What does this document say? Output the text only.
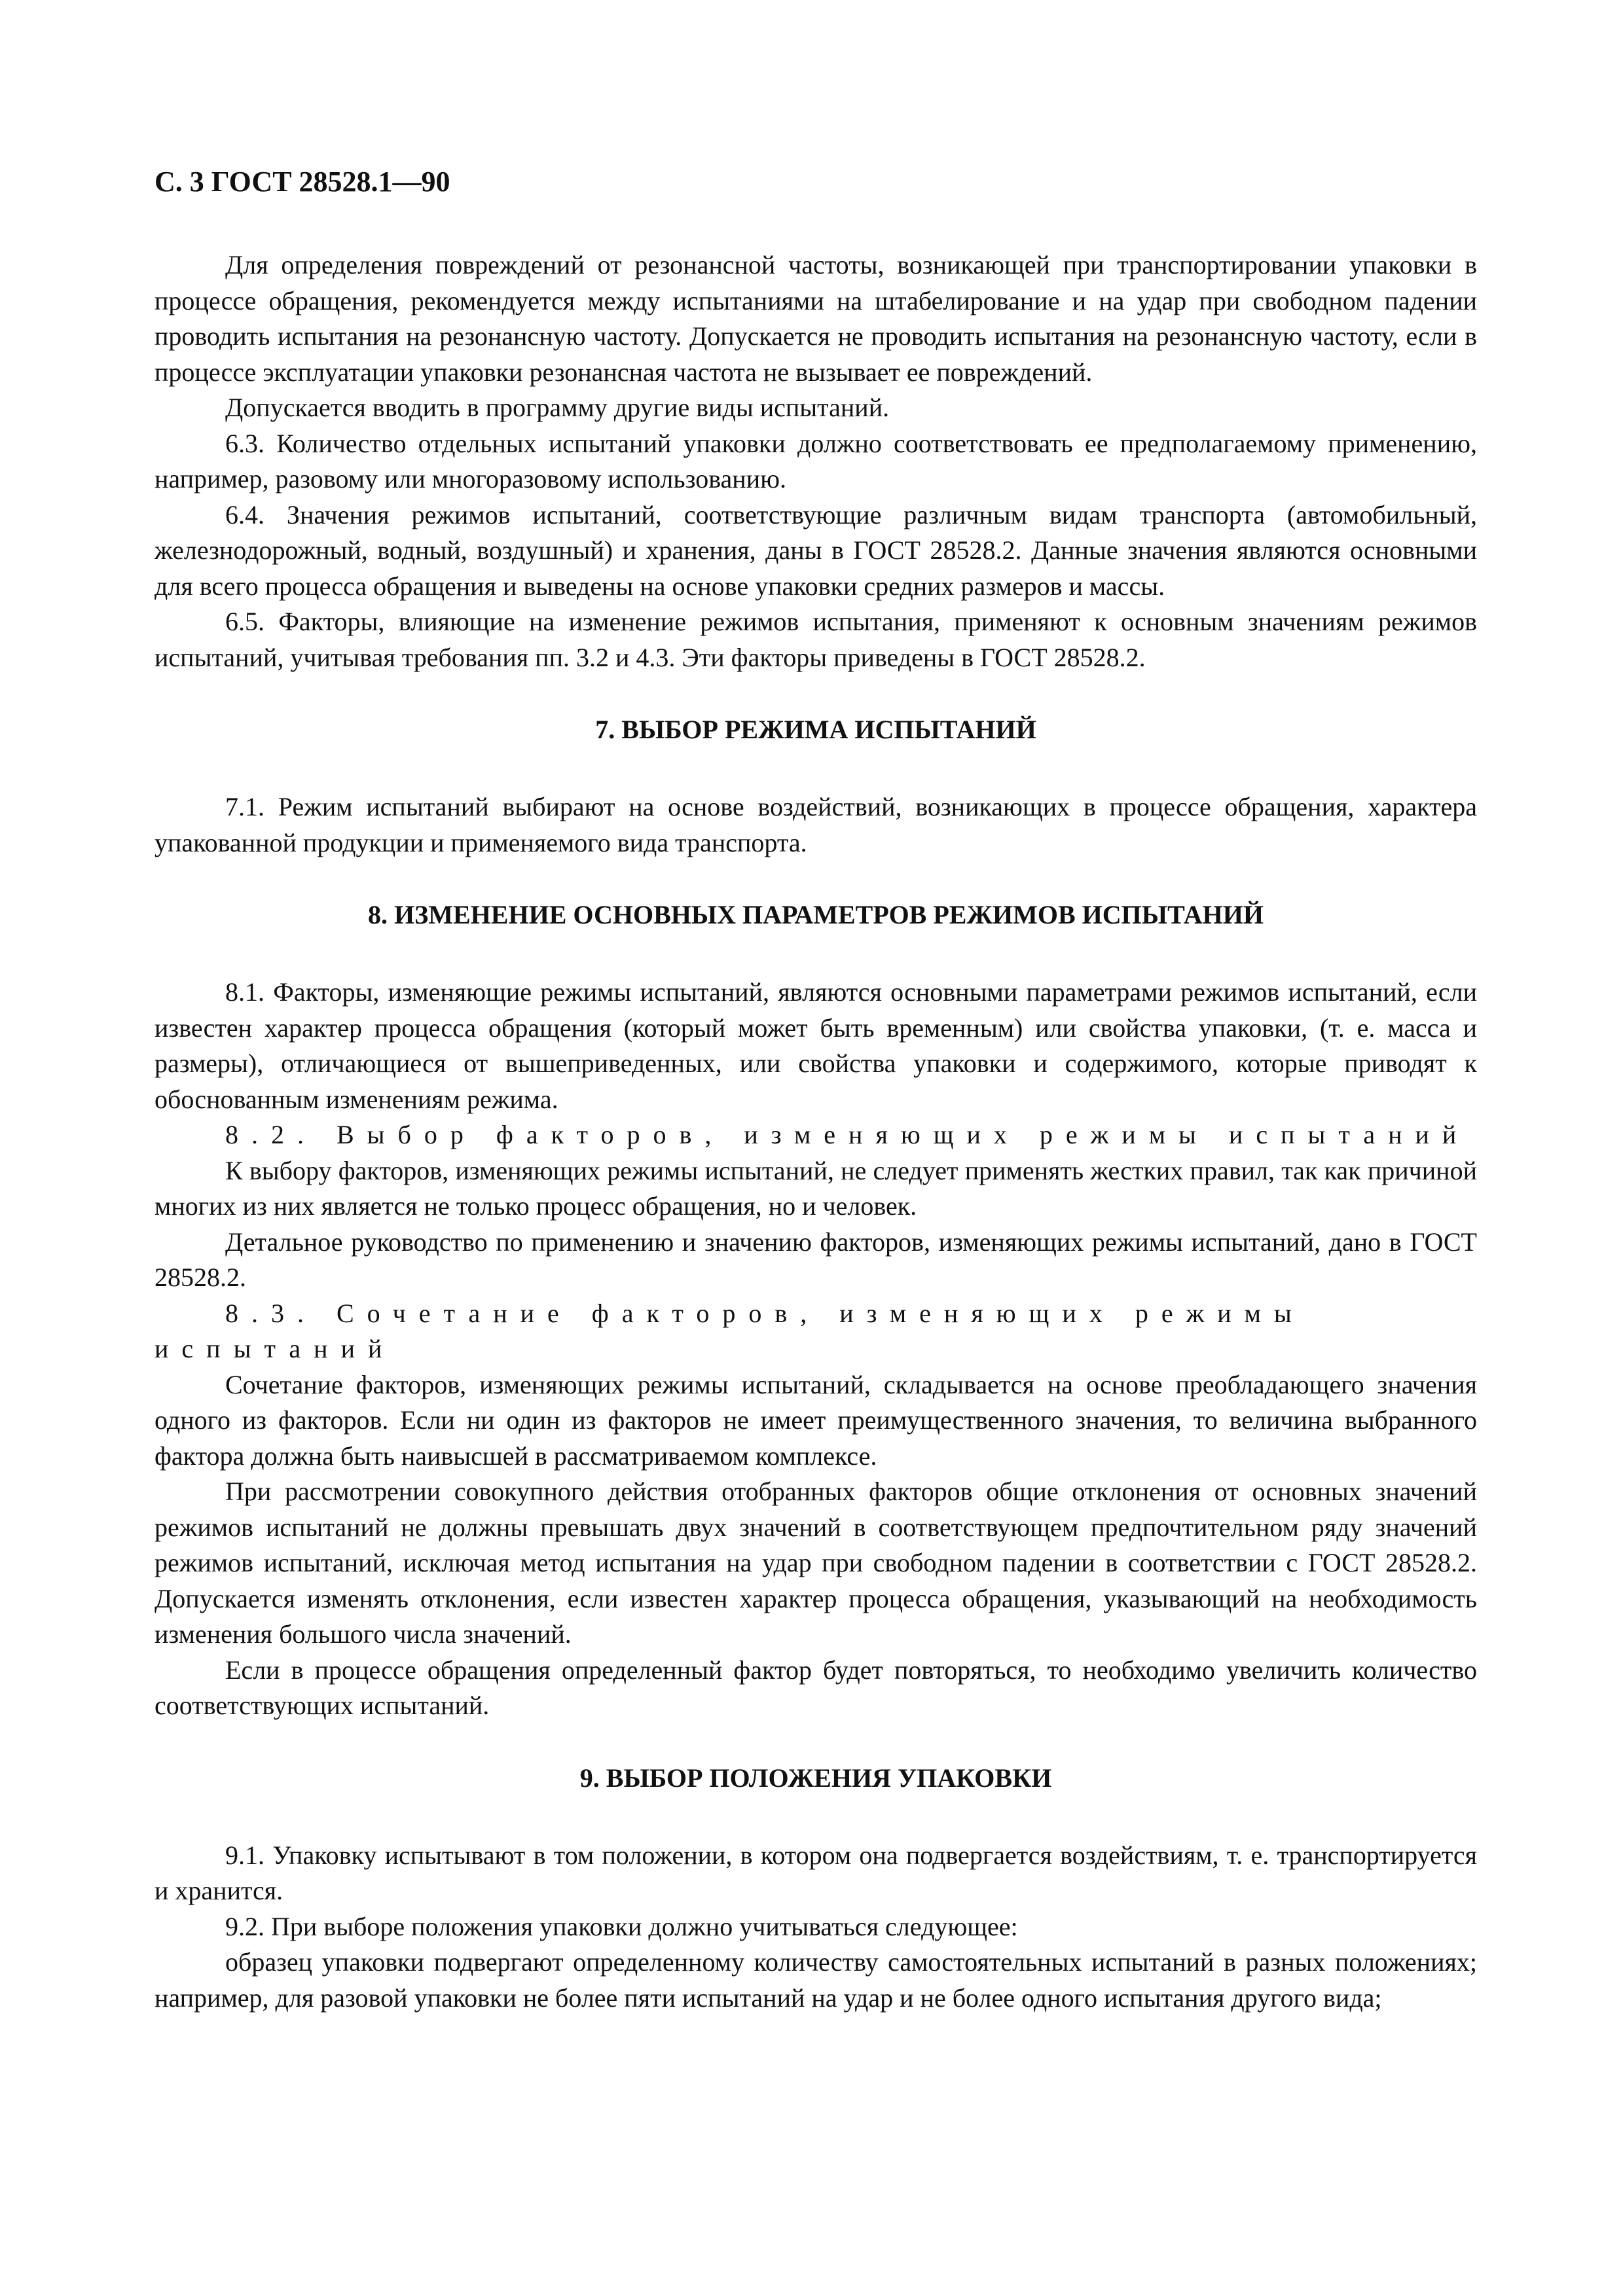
С. 3 ГОСТ 28528.1—90

Для определения повреждений от резонансной частоты, возникающей при транспортировании упаковки в процессе обращения, рекомендуется между испытаниями на штабелирование и на удар при свободном падении проводить испытания на резонансную частоту. Допускается не проводить испытания на резонансную частоту, если в процессе эксплуатации упаковки резонансная частота не вызывает ее повреждений.

Допускается вводить в программу другие виды испытаний.

6.3. Количество отдельных испытаний упаковки должно соответствовать ее предполагаемому применению, например, разовому или многоразовому использованию.

6.4. Значения режимов испытаний, соответствующие различным видам транспорта (автомобильный, железнодорожный, водный, воздушный) и хранения, даны в ГОСТ 28528.2. Данные значения являются основными для всего процесса обращения и выведены на основе упаковки средних размеров и массы.

6.5. Факторы, влияющие на изменение режимов испытания, применяют к основным значениям режимов испытаний, учитывая требования пп. 3.2 и 4.3. Эти факторы приведены в ГОСТ 28528.2.

7. ВЫБОР РЕЖИМА ИСПЫТАНИЙ

7.1. Режим испытаний выбирают на основе воздействий, возникающих в процессе обращения, характера упакованной продукции и применяемого вида транспорта.

8. ИЗМЕНЕНИЕ ОСНОВНЫХ ПАРАМЕТРОВ РЕЖИМОВ ИСПЫТАНИЙ

8.1. Факторы, изменяющие режимы испытаний, являются основными параметрами режимов испытаний, если известен характер процесса обращения (который может быть временным) или свойства упаковки, (т. е. масса и размеры), отличающиеся от вышеприведенных, или свойства упаковки и содержимого, которые приводят к обоснованным изменениям режима.

8.2. Выбор факторов, изменяющих режимы испытаний

К выбору факторов, изменяющих режимы испытаний, не следует применять жестких правил, так как причиной многих из них является не только процесс обращения, но и человек.

Детальное руководство по применению и значению факторов, изменяющих режимы испытаний, дано в ГОСТ 28528.2.

8.3. Сочетание факторов, изменяющих режимы испытаний

Сочетание факторов, изменяющих режимы испытаний, складывается на основе преобладающего значения одного из факторов. Если ни один из факторов не имеет преимущественного значения, то величина выбранного фактора должна быть наивысшей в рассматриваемом комплексе.

При рассмотрении совокупного действия отобранных факторов общие отклонения от основных значений режимов испытаний не должны превышать двух значений в соответствующем предпочтительном ряду значений режимов испытаний, исключая метод испытания на удар при свободном падении в соответствии с ГОСТ 28528.2. Допускается изменять отклонения, если известен характер процесса обращения, указывающий на необходимость изменения большого числа значений.

Если в процессе обращения определенный фактор будет повторяться, то необходимо увеличить количество соответствующих испытаний.

9. ВЫБОР ПОЛОЖЕНИЯ УПАКОВКИ

9.1. Упаковку испытывают в том положении, в котором она подвергается воздействиям, т. е. транспортируется и хранится.

9.2. При выборе положения упаковки должно учитываться следующее:

образец упаковки подвергают определенному количеству самостоятельных испытаний в разных положениях; например, для разовой упаковки не более пяти испытаний на удар и не более одного испытания другого вида;
